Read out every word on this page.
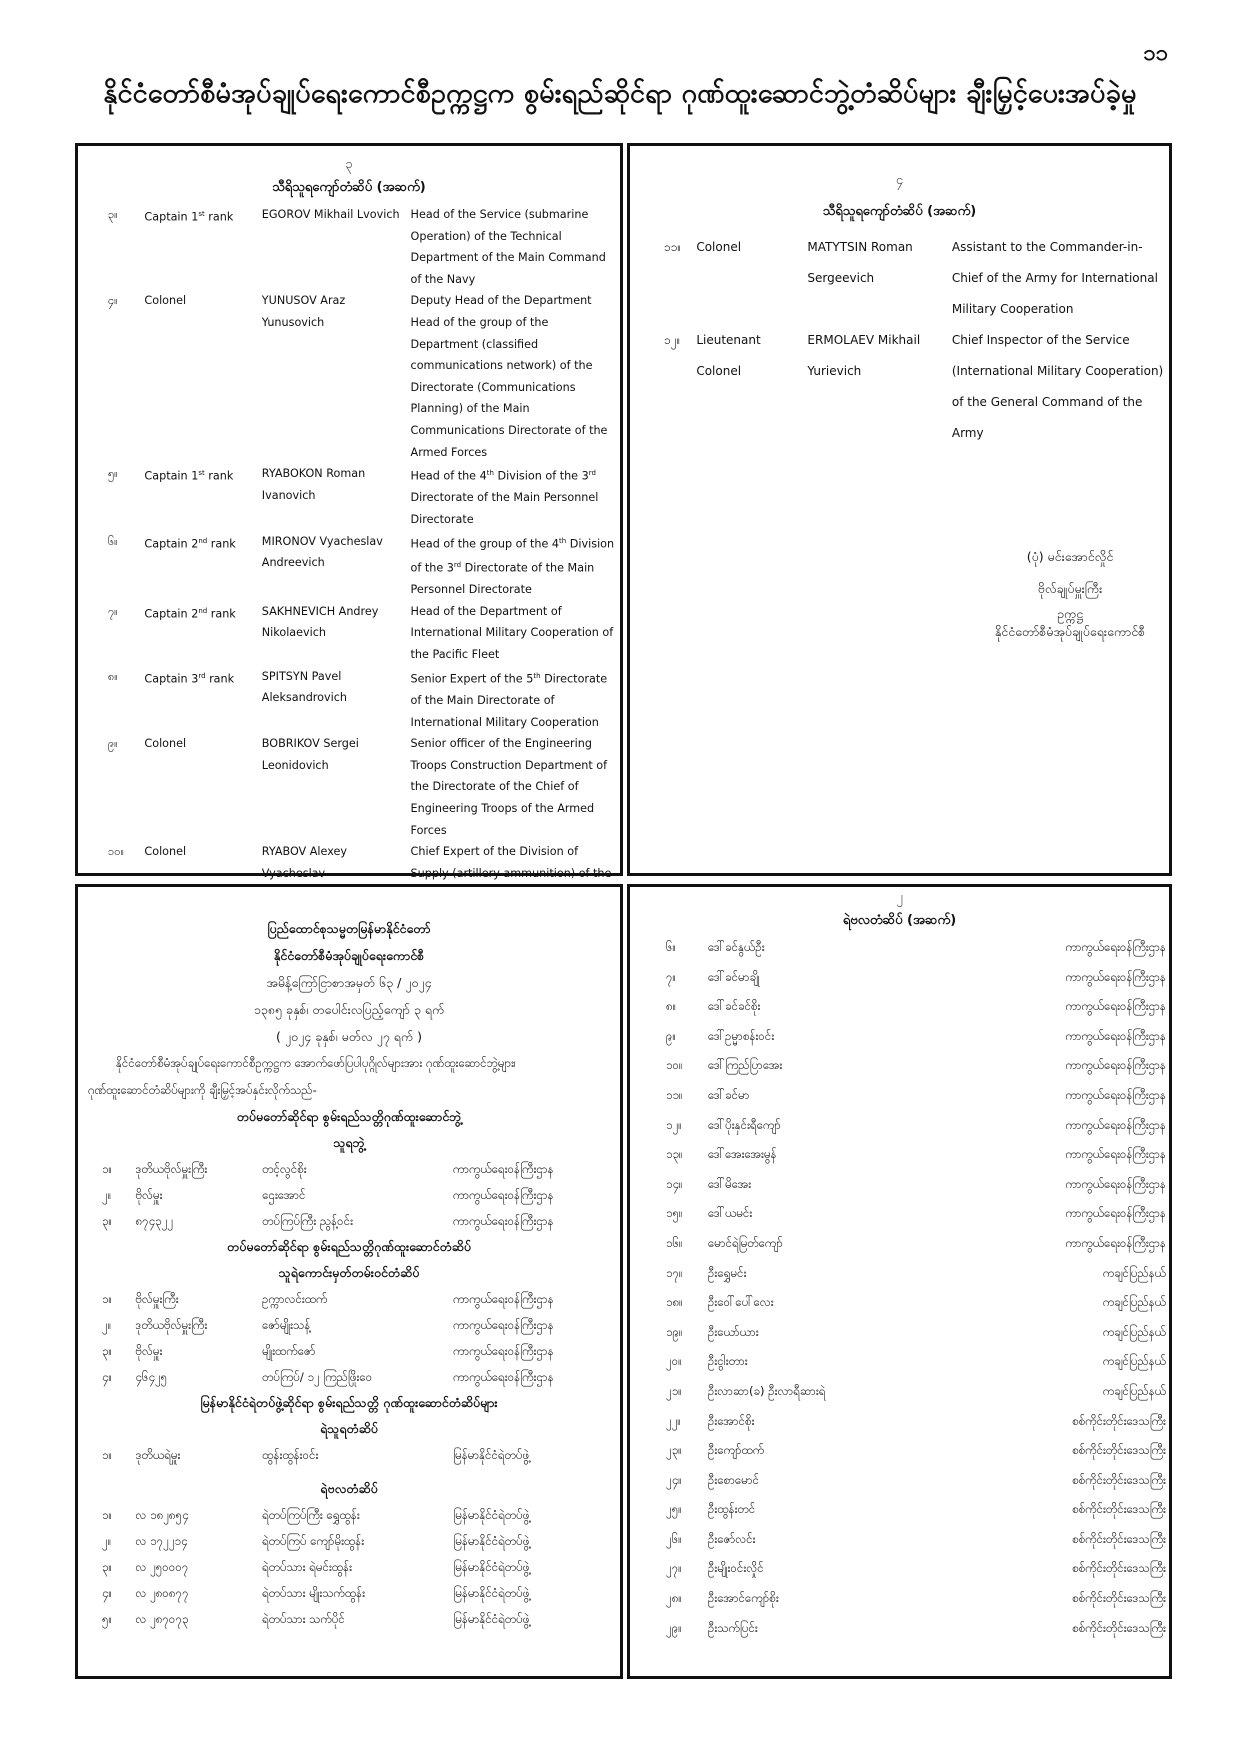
၁၁
နိုင်ငံတော်စီမံအုပ်ချုပ်ရေးကောင်စီဥက္ကဋ္ဌက စွမ်းရည်ဆိုင်ရာ ဂုဏ်ထူးဆောင်ဘွဲ့တံဆိပ်များ ချီးမြှင့်ပေးအပ်ခဲ့မှု
၃
သီရိသူရကျော်တံဆိပ် (အဆက်)
၃။	Captain 1st rank	EGOROV Mikhail Lvovich	Head of the Service (submarine Operation) of the Technical Department of the Main Command of the Navy
၄။	Colonel	YUNUSOV Araz Yunusovich	Deputy Head of the Department Head of the group of the Department (classified communications network) of the Directorate (Communications Planning) of the Main Communications Directorate of the Armed Forces
၅။	Captain 1st rank	RYABOKON Roman Ivanovich	Head of the 4th Division of the 3rd Directorate of the Main Personnel Directorate
၆။	Captain 2nd rank	MIRONOV Vyacheslav Andreevich	Head of the group of the 4th Division of the 3rd Directorate of the Main Personnel Directorate
၇။	Captain 2nd rank	SAKHNEVICH Andrey Nikolaevich	Head of the Department of International Military Cooperation of the Pacific Fleet
၈။	Captain 3rd rank	SPITSYN Pavel Aleksandrovich	Senior Expert of the 5th Directorate of the Main Directorate of International Military Cooperation
၉။	Colonel	BOBRIKOV Sergei Leonidovich	Senior officer of the Engineering Troops Construction Department of the Directorate of the Chief of Engineering Troops of the Armed Forces
၁၀။	Colonel	RYABOV Alexey Vyacheslav	Chief Expert of the Division of Supply (artillery ammunition) of the
၄
သီရိသူရကျော်တံဆိပ် (အဆက်)
၁၁။	Colonel	MATYTSIN Roman Sergeevich	Assistant to the Commander-in-Chief of the Army for International Military Cooperation
၁၂။	Lieutenant Colonel	ERMOLAEV Mikhail Yurievich	Chief Inspector of the Service (International Military Cooperation) of the General Command of the Army
(ပုံ) မင်းအောင်လှိုင်
ဗိုလ်ချုပ်မှူးကြီး
ဥက္ကဋ္ဌ
နိုင်ငံတော်စီမံအုပ်ချုပ်ရေးကောင်စီ
ပြည်ထောင်စုသမ္မတမြန်မာနိုင်ငံတော်
နိုင်ငံတော်စီမံအုပ်ချုပ်ရေးကောင်စီ
အမိန့်ကြော်ငြာစာအမှတ် ၆၃ / ၂၀၂၄
၁၃၈၅ ခုနှစ်၊ တပေါင်းလပြည့်ကျော် ၃ ရက်
( ၂၀၂၄ ခုနှစ်၊ မတ်လ ၂၇ ရက် )
နိုင်ငံတော်စီမံအုပ်ချုပ်ရေးကောင်စီဥက္ကဋ္ဌက အောက်ဖော်ပြပါပုဂ္ဂိုလ်များအား ဂုဏ်ထူးဆောင်ဘွဲ့များ၊
ဂုဏ်ထူးဆောင်တံဆိပ်များကို ချီးမြှင့်အပ်နှင်းလိုက်သည်-
တပ်မတော်ဆိုင်ရာ စွမ်းရည်သတ္တိဂုဏ်ထူးဆောင်ဘွဲ့
သူရဘွဲ့
၁။	ဒုတိယဗိုလ်မှူးကြီး	တင့်လွင်စိုး	ကာကွယ်ရေးဝန်ကြီးဌာန
၂။	ဗိုလ်မှူး	ဌေးအောင်	ကာကွယ်ရေးဝန်ကြီးဌာန
၃။	၈၇၄၃၂၂	တပ်ကြပ်ကြီး ညွန့်ဝင်း	ကာကွယ်ရေးဝန်ကြီးဌာန
တပ်မတော်ဆိုင်ရာ စွမ်းရည်သတ္တိဂုဏ်ထူးဆောင်တံဆိပ်
သူရဲကောင်းမှတ်တမ်းဝင်တံဆိပ်
၁။	ဗိုလ်မှူးကြီး	ဥက္ကာလင်းထက်	ကာကွယ်ရေးဝန်ကြီးဌာန
၂။	ဒုတိယဗိုလ်မှူးကြီး	ဇော်မျိုးသန့်	ကာကွယ်ရေးဝန်ကြီးဌာန
၃။	ဗိုလ်မှူး	မျိုးထက်ဇော်	ကာကွယ်ရေးဝန်ကြီးဌာန
၄။	၄၆၄၂၅	တပ်ကြပ်/ ၁၂ ကြည်ဖြိုးဝေ	ကာကွယ်ရေးဝန်ကြီးဌာန
မြန်မာနိုင်ငံရဲတပ်ဖွဲ့ဆိုင်ရာ စွမ်းရည်သတ္တိ ဂုဏ်ထူးဆောင်တံဆိပ်များ
ရဲသူရတံဆိပ်
၁။	ဒုတိယရဲမှူး	ထွန်းထွန်းဝင်း	မြန်မာနိုင်ငံရဲတပ်ဖွဲ့
ရဲဗလတံဆိပ်
၁။	လ ၁၈၂၈၅၄	ရဲတပ်ကြပ်ကြီး ရွှေထွန်း	မြန်မာနိုင်ငံရဲတပ်ဖွဲ့
၂။	လ ၁၇၂၂၁၄	ရဲတပ်ကြပ် ကျော်မိုးထွန်း	မြန်မာနိုင်ငံရဲတပ်ဖွဲ့
၃။	လ ၂၅၀၀၀၇	ရဲတပ်သား ရဲမင်းထွန်း	မြန်မာနိုင်ငံရဲတပ်ဖွဲ့
၄။	လ ၂၈၀၈၇၇	ရဲတပ်သား မျိုးသက်ထွန်း	မြန်မာနိုင်ငံရဲတပ်ဖွဲ့
၅။	လ ၂၈၇၀၇၃	ရဲတပ်သား သက်ပိုင်	မြန်မာနိုင်ငံရဲတပ်ဖွဲ့
၂
ရဲဗလတံဆိပ် (အဆက်)
၆။	ဒေါ်ခင်နွယ်ဦး	ကာကွယ်ရေးဝန်ကြီးဌာန
၇။	ဒေါ်ခင်မာချို	ကာကွယ်ရေးဝန်ကြီးဌာန
၈။	ဒေါ်ခင်ခင်စိုး	ကာကွယ်ရေးဝန်ကြီးဌာန
၉။	ဒေါ်ဥမ္မာစန်းဝင်း	ကာကွယ်ရေးဝန်ကြီးဌာန
၁၀။	ဒေါ်ကြည်ပြာအေး	ကာကွယ်ရေးဝန်ကြီးဌာန
၁၁။	ဒေါ်ခင်မာ	ကာကွယ်ရေးဝန်ကြီးဌာန
၁၂။	ဒေါ်ပိုးနှင်းရီကျော်	ကာကွယ်ရေးဝန်ကြီးဌာန
၁၃။	ဒေါ်အေးအေးမွန်	ကာကွယ်ရေးဝန်ကြီးဌာန
၁၄။	ဒေါ်မိအေး	ကာကွယ်ရေးဝန်ကြီးဌာန
၁၅။	ဒေါ်ယမင်း	ကာကွယ်ရေးဝန်ကြီးဌာန
၁၆။	မောင်ရဲမြတ်ကျော်	ကာကွယ်ရေးဝန်ကြီးဌာန
၁၇။	ဦးရွှေမင်း	ကချင်ပြည်နယ်
၁၈။	ဦးဝေါ်ပေါ်လေး	ကချင်ပြည်နယ်
၁၉။	ဦးယော်ယား	ကချင်ပြည်နယ်
၂၀။	ဦးငွါးတား	ကချင်ပြည်နယ်
၂၁။	ဦးလာဆာ(ခ) ဦးလာရီဆားရဲ	ကချင်ပြည်နယ်
၂၂။	ဦးအောင်စိုး	စစ်ကိုင်းတိုင်းဒေသကြီး
၂၃။	ဦးကျော်ထက်	စစ်ကိုင်းတိုင်းဒေသကြီး
၂၄။	ဦးစောမောင်	စစ်ကိုင်းတိုင်းဒေသကြီး
၂၅။	ဦးထွန်းတင်	စစ်ကိုင်းတိုင်းဒေသကြီး
၂၆။	ဦးဇော်လင်း	စစ်ကိုင်းတိုင်းဒေသကြီး
၂၇။	ဦးမျိုးဝင်းလှိုင်	စစ်ကိုင်းတိုင်းဒေသကြီး
၂၈။	ဦးအောင်ကျော်စိုး	စစ်ကိုင်းတိုင်းဒေသကြီး
၂၉။	ဦးသက်ပြင်း	စစ်ကိုင်းတိုင်းဒေသကြီး
